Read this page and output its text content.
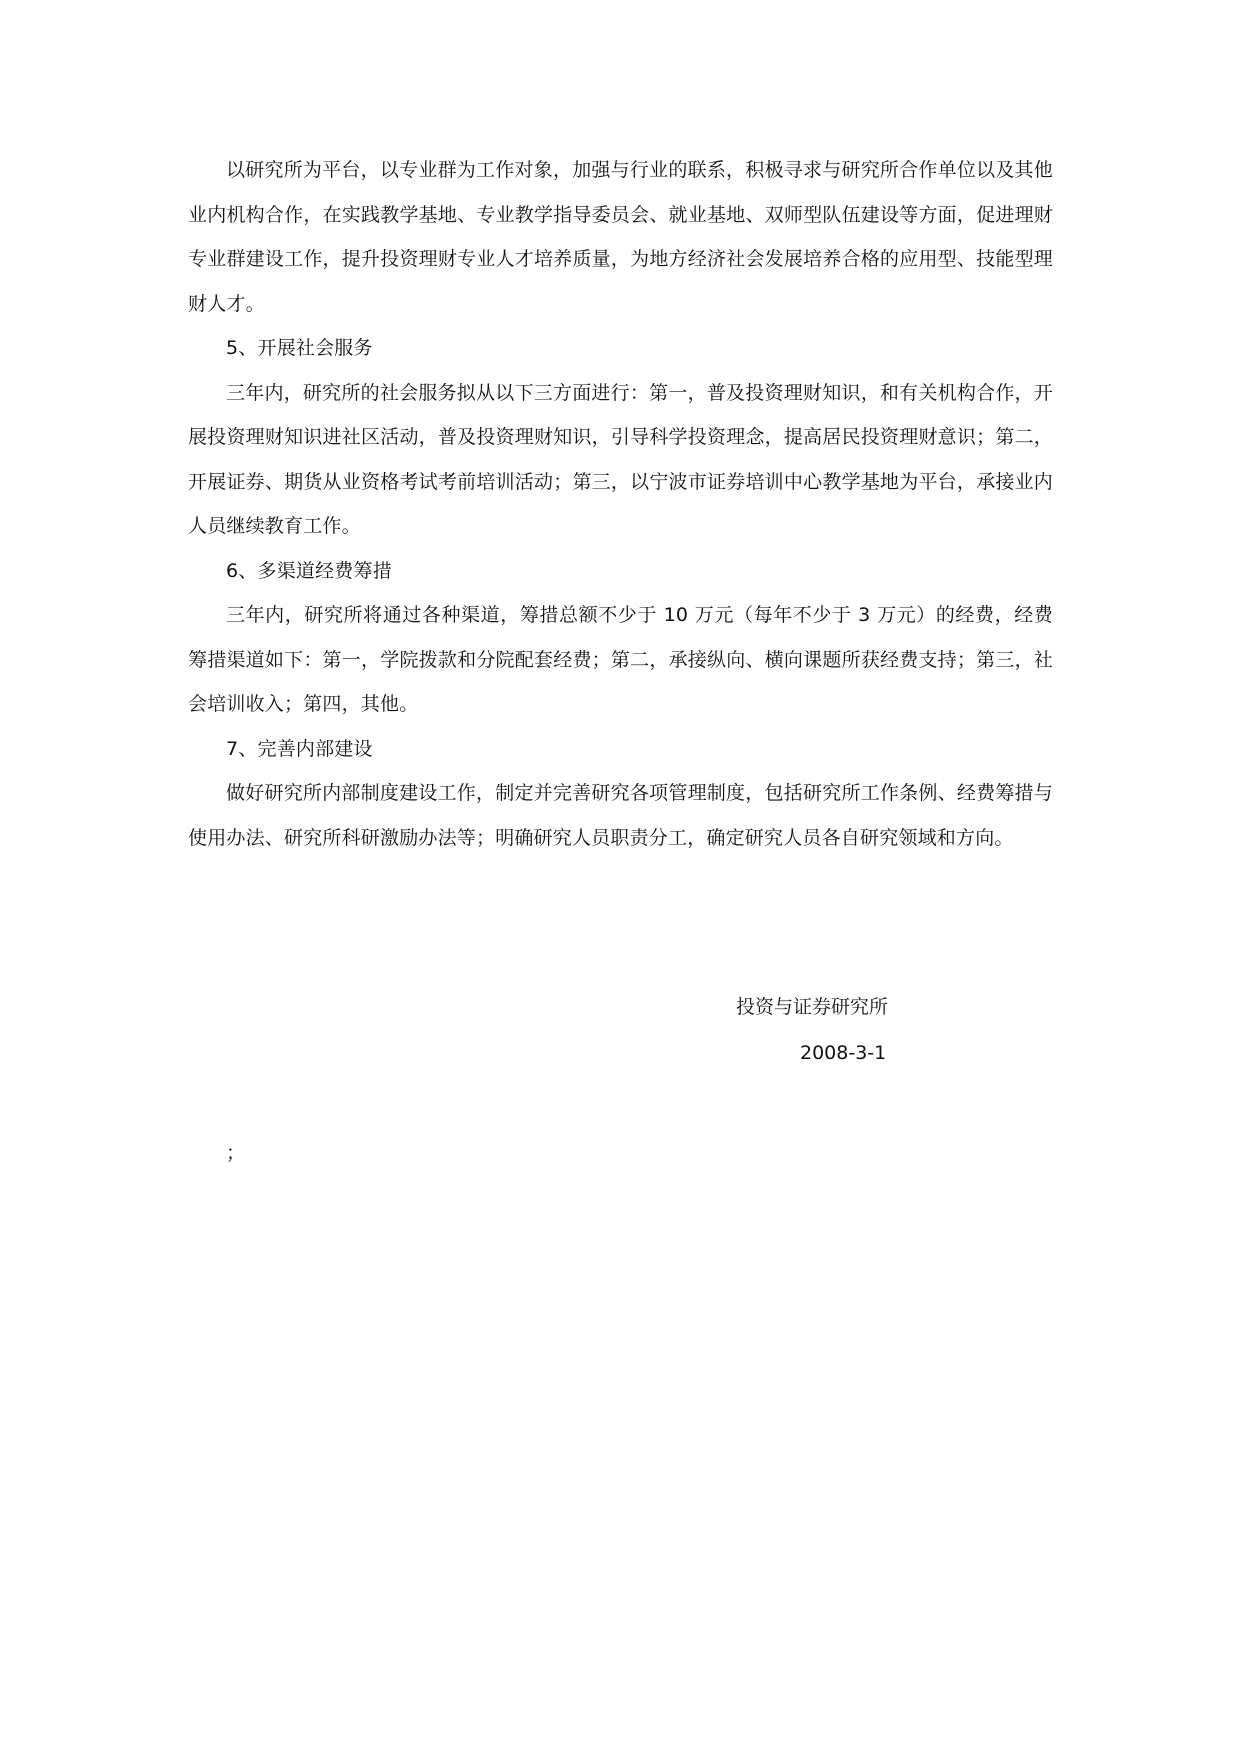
以研究所为平台，以专业群为工作对象，加强与行业的联系，积极寻求与研究所合作单位以及其他业内机构合作，在实践教学基地、专业教学指导委员会、就业基地、双师型队伍建设等方面，促进理财专业群建设工作，提升投资理财专业人才培养质量，为地方经济社会发展培养合格的应用型、技能型理财人才。

5、开展社会服务

三年内，研究所的社会服务拟从以下三方面进行：第一，普及投资理财知识，和有关机构合作，开展投资理财知识进社区活动，普及投资理财知识，引导科学投资理念，提高居民投资理财意识；第二，开展证券、期货从业资格考试考前培训活动；第三，以宁波市证券培训中心教学基地为平台，承接业内人员继续教育工作。

6、多渠道经费筹措

三年内，研究所将通过各种渠道，筹措总额不少于 10 万元（每年不少于 3 万元）的经费，经费筹措渠道如下：第一，学院拨款和分院配套经费；第二，承接纵向、横向课题所获经费支持；第三，社会培训收入；第四，其他。

7、完善内部建设

做好研究所内部制度建设工作，制定并完善研究各项管理制度，包括研究所工作条例、经费筹措与使用办法、研究所科研激励办法等；明确研究人员职责分工，确定研究人员各自研究领域和方向。

投资与证券研究所
2008-3-1
；
